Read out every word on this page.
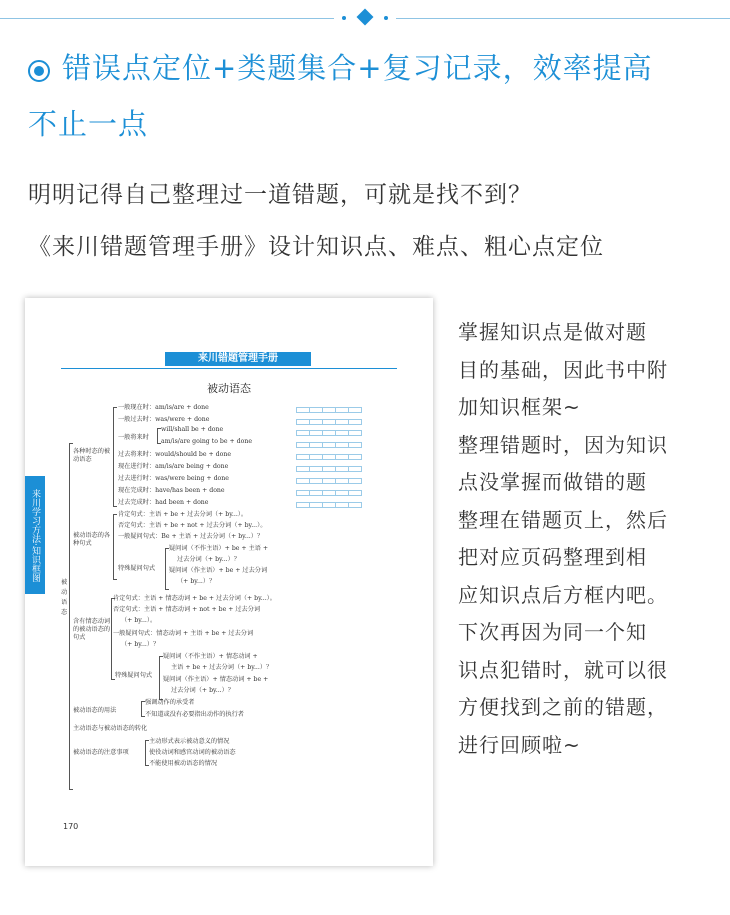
错误点定位+类题集合+复习记录，效率提高
不止一点
明明记得自己整理过一道错题，可就是找不到？
《来川错题管理手册》设计知识点、难点、粗心点定位
来川错题管理手册
被动语态
来川学习方法·知识框图
被动语态
各种时态的被动语态
一般现在时：am/is/are + done
一般过去时：was/were + done
一般将来时
will/shall be + done
am/is/are going to be + done
过去将来时：would/should be + done
现在进行时：am/is/are being + done
过去进行时：was/were being + done
现在完成时：have/has been + done
过去完成时：had been + done
被动语态的各种句式
肯定句式：主语 + be + 过去分词（+ by...）。
否定句式：主语 + be + not + 过去分词（+ by...）。
一般疑问句式：Be + 主语 + 过去分词（+ by...）？
特殊疑问句式
疑问词（不作主语）+ be + 主语 +
过去分词（+ by...）？
疑问词（作主语）+ be + 过去分词
（+ by...）？
含有情态动词的被动语态的句式
肯定句式：主语 + 情态动词 + be + 过去分词（+ by...）。
否定句式：主语 + 情态动词 + not + be + 过去分词
（+ by...）。
一般疑问句式：情态动词 + 主语 + be + 过去分词
（+ by...）？
特殊疑问句式
疑问词（不作主语）+ 情态动词 +
主语 + be + 过去分词（+ by...）？
疑问词（作主语）+ 情态动词 + be +
过去分词（+ by...）？
被动语态的用法
强调动作的承受者
不知道或没有必要指出动作的执行者
主动语态与被动语态的转化
被动语态的注意事项
主动形式表示被动意义的情况
使役动词和感官动词的被动语态
不能使用被动语态的情况
170
掌握知识点是做对题
目的基础，因此书中附
加知识框架~
整理错题时，因为知识
点没掌握而做错的题
整理在错题页上，然后
把对应页码整理到相
应知识点后方框内吧。
下次再因为同一个知
识点犯错时，就可以很
方便找到之前的错题，
进行回顾啦~
